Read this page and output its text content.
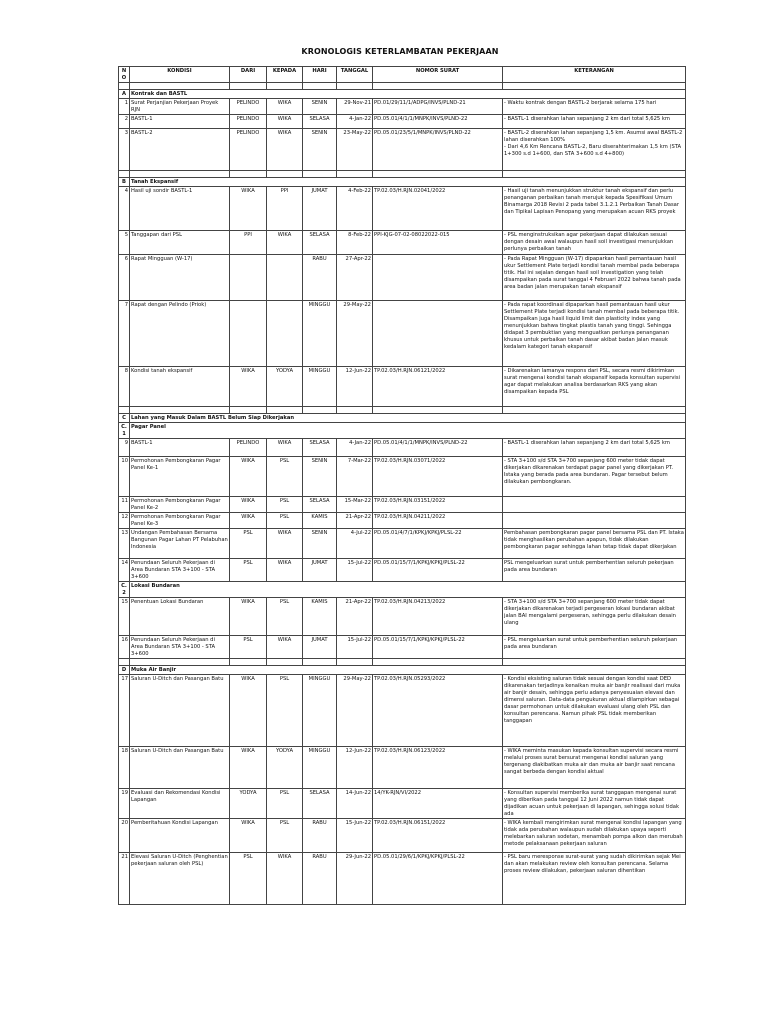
KRONOLOGIS KETERLAMBATAN PEKERJAAN
NO	KONDISI	DARI	KEPADA	HARI	TANGGAL	NOMOR SURAT	KETERANGAN

A	Kontrak dan BASTL						
1	Surat Perjanjian Pekerjaan Proyek RJN	PELINDO	WIKA	SENIN	29-Nov-21	PD.01/29/11/1/ADPG/INVS/PLND-21	- Waktu kontrak dengan BASTL-2 berjarak selama 175 hari

2	BASTL-1	PELINDO	WIKA	SELASA	4-Jan-22	PD.05.01/4/1/1/MNPK/INVS/PLND-22	- BASTL-1 diserahkan lahan sepanjang 2 km dari total 5,625 km

3	BASTL-2	PELINDO	WIKA	SENIN	23-May-22	PD.05.01/23/5/1/MNPK/INVS/PLND-22	- BASTL-2 diserahkan lahan sepanjang 1,5 km. Asumsi awal BASTL-2 lahan diserahkan 100%
- Dari 4,6 Km Rencana BASTL-2, Baru diserahterimakan 1,5 km (STA 1+300 s.d 1+600, dan STA 3+600 s.d 4+800)

B	Tanah Ekspansif						
4	Hasil uji sondir BASTL-1	WIKA	PPI	JUMAT	4-Feb-22	TP.02.03/H.RJN.02041/2022	- Hasil uji tanah menunjukkan struktur tanah ekspansif dan perlu penanganan perbaikan tanah merujuk kepada Spesifikasi Umum Binamarga 2018 Revisi 2 pada tabel 3.1.2.1 Perbaikan Tanah Dasar dan Tipikal Lapisan Penopang yang merupakan acuan RKS proyek

5	Tanggapan dari PSL	PPI	WIKA	SELASA	8-Feb-22	PPI-KJG-07-02-08022022-015	- PSL menginstruksikan agar pekerjaan dapat dilakukan sesuai dengan desain awal walaupun hasil soil investigasi menunjukkan perlunya perbaikan tanah

6	Rapat Mingguan (W-17)			RABU	27-Apr-22		- Pada Rapat Mingguan (W-17) dipaparkan hasil pemantauan hasil ukur Settlement Plate terjadi kondisi tanah membal pada beberapa titik. Hal ini sejalan dengan hasil soil investigation yang telah disampaikan pada surat tanggal 4 Februari 2022 bahwa tanah pada area badan jalan merupakan tanah ekspansif

7	Rapat dengan Pelindo (Priok)			MINGGU	29-May-22		- Pada rapat koordinasi dipaparkan hasil pemantauan hasil ukur Settlement Plate terjadi kondisi tanah membal pada beberapa titik. Disampaikan juga hasil liquid limit dan plasticity index yang menunjukkan bahwa tingkat plastis tanah yang tinggi. Sehingga didapat 3 pembuktian yang menguatkan perlunya penanganan khusus untuk perbaikan tanah dasar akibat badan jalan masuk kedalam kategori tanah ekspansif

8	Kondisi tanah ekspansif	WIKA	YODYA	MINGGU	12-Jun-22	TP.02.03/H.RJN.06121/2022	- Dikarenakan lamanya respons dari PSL, secara resmi dikirimkan surat mengenai kondisi tanah ekspansif kepada konsultan supervisi agar dapat melakukan analisa berdasarkan RKS yang akan disampaikan kepada PSL

C	Lahan yang Masuk Dalam BASTL Belum Siap Dikerjakan						
C.1	Pagar Panel						
9	BASTL-1	PELINDO	WIKA	SELASA	4-Jan-22	PD.05.01/4/1/1/MNPK/INVS/PLND-22	- BASTL-1 diserahkan lahan sepanjang 2 km dari total 5,625 km

10	Permohonan Pembongkaran Pagar Panel Ke-1	WIKA	PSL	SENIN	7-Mar-22	TP.02.03/H.RJN.03071/2022	- STA 3+100 s/d STA 3+700 sepanjang 600 meter tidak dapat dikerjakan dikarenakan terdapat pagar panel yang dikerjakan PT. Istaka yang berada pada area bundaran. Pagar tersebut belum dilakukan pembongkaran.

11	Permohonan Pembongkaran Pagar Panel Ke-2	WIKA	PSL	SELASA	15-Mar-22	TP.02.03/H.RJN.03151/2022	
12	Permohonan Pembongkaran Pagar Panel Ke-3	WIKA	PSL	KAMIS	21-Apr-22	TP.02.03/H.RJN.04211/2022	
13	Undangan Pembahasan Bersama Bangunan Pagar Lahan PT Pelabuhan Indonesia	PSL	WIKA	SENIN	4-Jul-22	PD.05.01/4/7/1/KPKJ/KPKJ/PLSL-22	Pembahasan pembongkaran pagar panel bersama PSL dan PT. Istaka tidak menghasilkan perubahan apapun, tidak dilakukan pembongkaran pagar sehingga lahan tetap tidak dapat dikerjakan

14	Penundaan Seluruh Pekerjaan di Area Bundaran STA 3+100 - STA 3+600	PSL	WIKA	JUMAT	15-Jul-22	PD.05.01/15/7/1/KPKJ/KPKJ/PLSL-22	PSL mengeluarkan surat untuk pemberhentian seluruh pekerjaan pada area bundaran

C.2	Lokasi Bundaran						
15	Penentuan Lokasi Bundaran	WIKA	PSL	KAMIS	21-Apr-22	TP.02.03/H.RJN.04213/2022	- STA 3+100 s/d STA 3+700 sepanjang 600 meter tidak dapat dikerjakan dikarenakan terjadi pergeseran lokasi bundaran akibat jalan BAI mengalami pergeseran, sehingga perlu dilakukan desain ulang

16	Penundaan Seluruh Pekerjaan di Area Bundaran STA 3+100 - STA 3+600	PSL	WIKA	JUMAT	15-Jul-22	PD.05.01/15/7/1/KPKJ/KPKJ/PLSL-22	- PSL mengeluarkan surat untuk pemberhentian seluruh pekerjaan pada area bundaran

D	Muka Air Banjir						
17	Saluran U-Ditch dan Pasangan Batu	WIKA	PSL	MINGGU	29-May-22	TP.02.03/H.RJN.05293/2022	- Kondisi eksisting saluran tidak sesuai dengan kondisi saat DED dikarenakan terjadinya kenaikan muka air banjir realisasi dari muka air banjir desain, sehingga perlu adanya penyesuaian elevasi dan dimensi saluran. Data-data pengukuran aktual dilampirkan sebagai dasar permohonan untuk dilakukan evaluasi ulang oleh PSL dan konsultan perencana. Namun pihak PSL tidak memberikan tanggapan

18	Saluran U-Ditch dan Pasangan Batu	WIKA	YODYA	MINGGU	12-Jun-22	TP.02.03/H.RJN.06123/2022	- WIKA meminta masukan kepada konsultan supervisi secara resmi melalui proses surat bersurat mengenai kondisi saluran yang tergenang diakibatkan muka air dan muka air banjir saat rencana sangat berbeda dengan kondisi aktual

19	Evaluasi dan Rekomendasi Kondisi Lapangan	YODYA	PSL	SELASA	14-Jun-22	14/YK-RJN/VI/2022	- Konsultan supervisi memberika surat tanggapan mengenai surat yang diberikan pada tanggal 12 Juni 2022 namun tidak dapat dijadikan acuan untuk pekerjaan di lapangan, sehingga solusi tidak ada

20	Pemberitahuan Kondisi Lapangan	WIKA	PSL	RABU	15-Jun-22	TP.02.03/H.RJN.06151/2022	- WIKA kembali mengirimkan surat mengenai kondisi lapangan yang tidak ada perubahan walaupun sudah dilakukan upaya seperti melebarkan saluran sodetan, menambah pompa alkon dan merubah metode pelaksanaan pekerjaan saluran

21	Elevasi Saluran U-Ditch (Penghentian pekerjaan saluran oleh PSL)	PSL	WIKA	RABU	29-Jun-22	PD.05.01/29/6/1/KPKJ/KPKJ/PLSL-22	- PSL baru meresponse surat-surat yang sudah dikirimkan sejak Mei dan akan melakukan review oleh konsultan perencana. Selama proses review dilakukan, pekerjaan saluran dihentikan
